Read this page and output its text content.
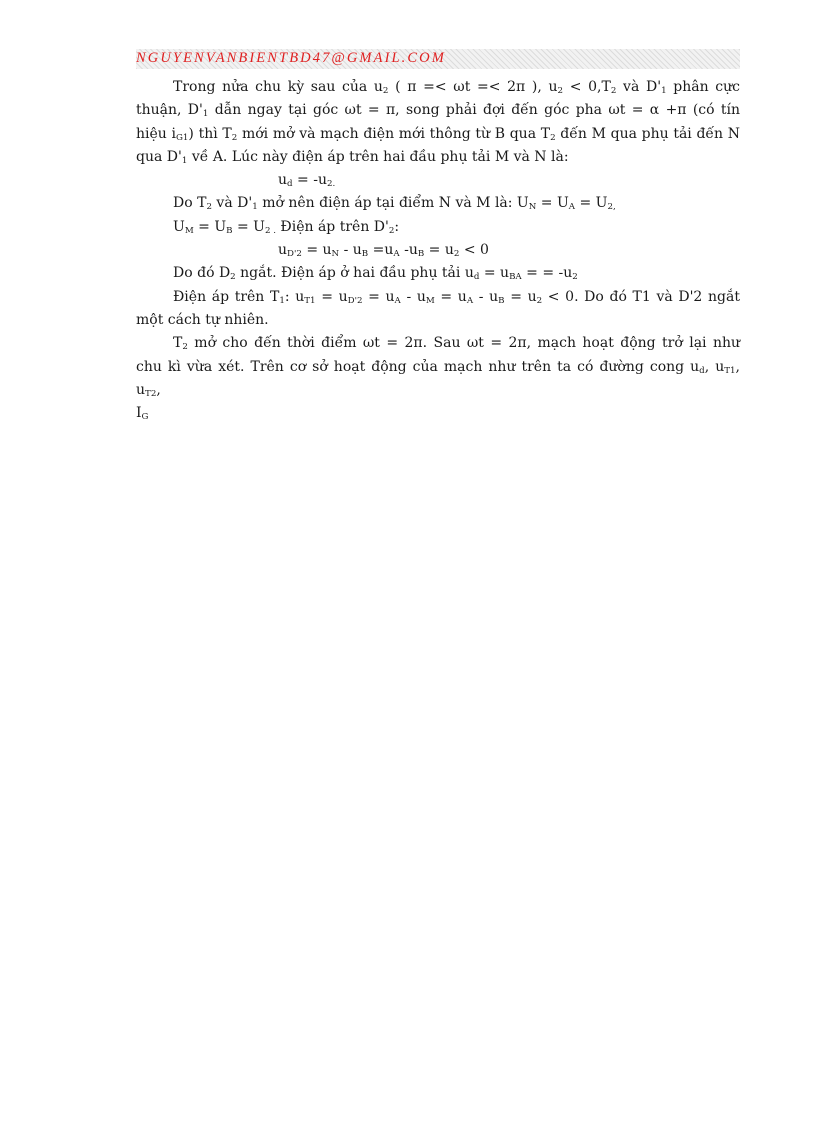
NGUYENVANBIENTBD47@GMAIL.COM

Trong nửa chu kỳ sau của $u_2$ ( π =< ωt =< 2π ), $u_2 < 0,T_2$ và $D'_1$ phân cực

thuận, $D'_1$ dẫn ngay tại góc ωt = π, song phải đợi đến góc pha ωt = α +π (có tín

hiệu $i_{G1}$) thì $T_2$ mới mở và mạch điện mới thông từ B qua $T_2$ đến M qua phụ tải đến N

qua $D'_1$ về A. Lúc này điện áp trên hai đầu phụ tải M và N là:

$u_d = -u_{2.}$

Do $T_2$ và $D'_1$ mở nên điện áp tại điểm N và M là: $U_N = U_A = U_{2,}$

$U_M = U_B = U_{2 .}$ Điện áp trên $D'_2$:

$u_{D'2} = u_N - u_B =u_A$ $-u_B = u_2 < 0$

Do đó $D_2$ ngắt. Điện áp ở hai đầu phụ tải $u_d = u_{BA}$ = = $-u_2$

Điện áp trên $T_1$: $u_{T1} = u_{D'2} = u_A - u_M = u_A - u_B = u_2 < 0$. Do đó T1 và D'2 ngắt

một cách tự nhiên.

$T_2$ mở cho đến thời điểm ωt = 2π. Sau ωt = 2π, mạch hoạt động trở lại như

chu kì vừa xét. Trên cơ sở hoạt động của mạch như trên ta có đường cong $u_d$, $u_{T1}$, $u_{T2}$,

$I_G$
